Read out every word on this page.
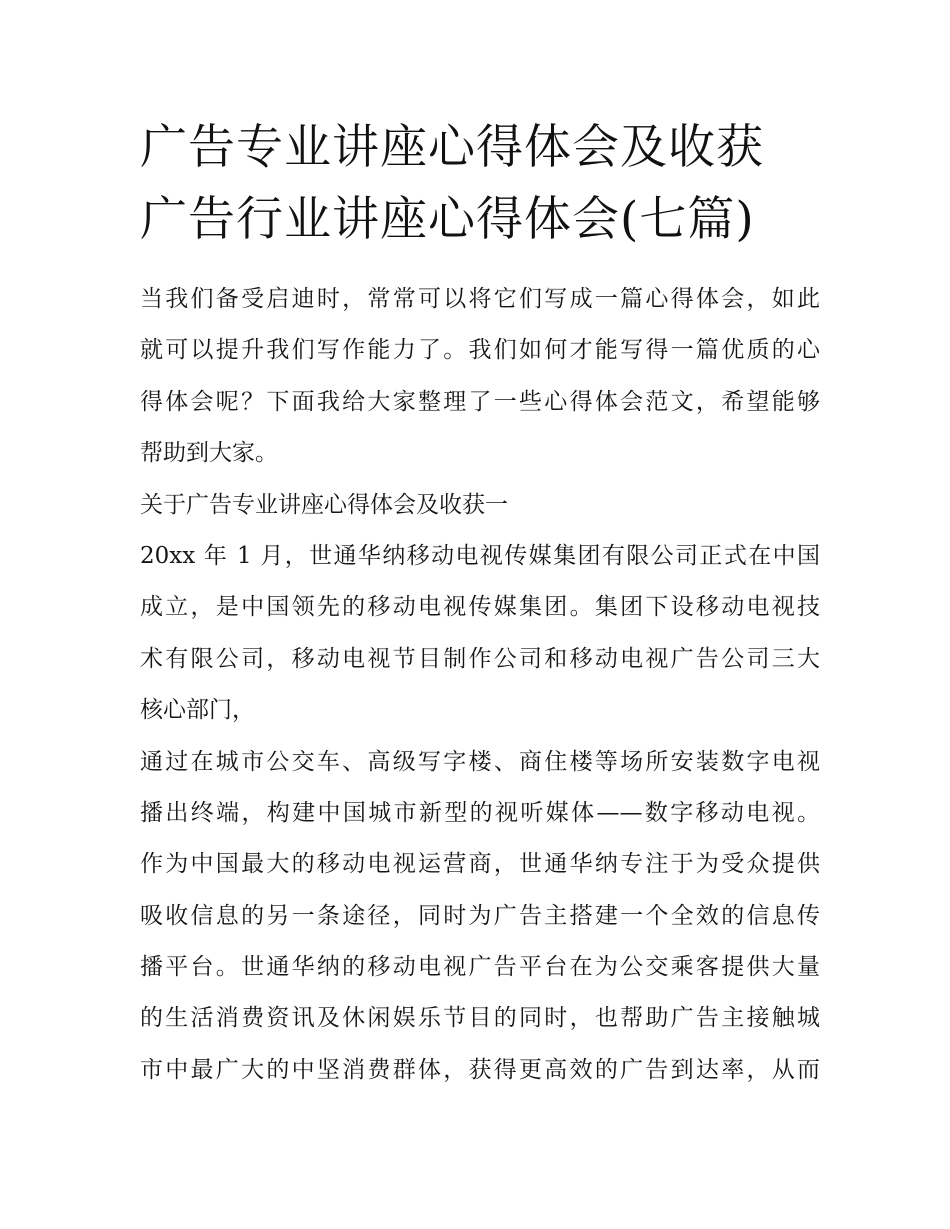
广告专业讲座心得体会及收获
广告行业讲座心得体会(七篇)
当我们备受启迪时，常常可以将它们写成一篇心得体会，如此
就可以提升我们写作能力了。我们如何才能写得一篇优质的心
得体会呢？下面我给大家整理了一些心得体会范文，希望能够
帮助到大家。
关于广告专业讲座心得体会及收获一
20xx 年 1 月，世通华纳移动电视传媒集团有限公司正式在中国
成立，是中国领先的移动电视传媒集团。集团下设移动电视技
术有限公司，移动电视节目制作公司和移动电视广告公司三大
核心部门，
通过在城市公交车、高级写字楼、商住楼等场所安装数字电视
播出终端，构建中国城市新型的视听媒体——数字移动电视。
作为中国最大的移动电视运营商，世通华纳专注于为受众提供
吸收信息的另一条途径，同时为广告主搭建一个全效的信息传
播平台。世通华纳的移动电视广告平台在为公交乘客提供大量
的生活消费资讯及休闲娱乐节目的同时，也帮助广告主接触城
市中最广大的中坚消费群体，获得更高效的广告到达率，从而
